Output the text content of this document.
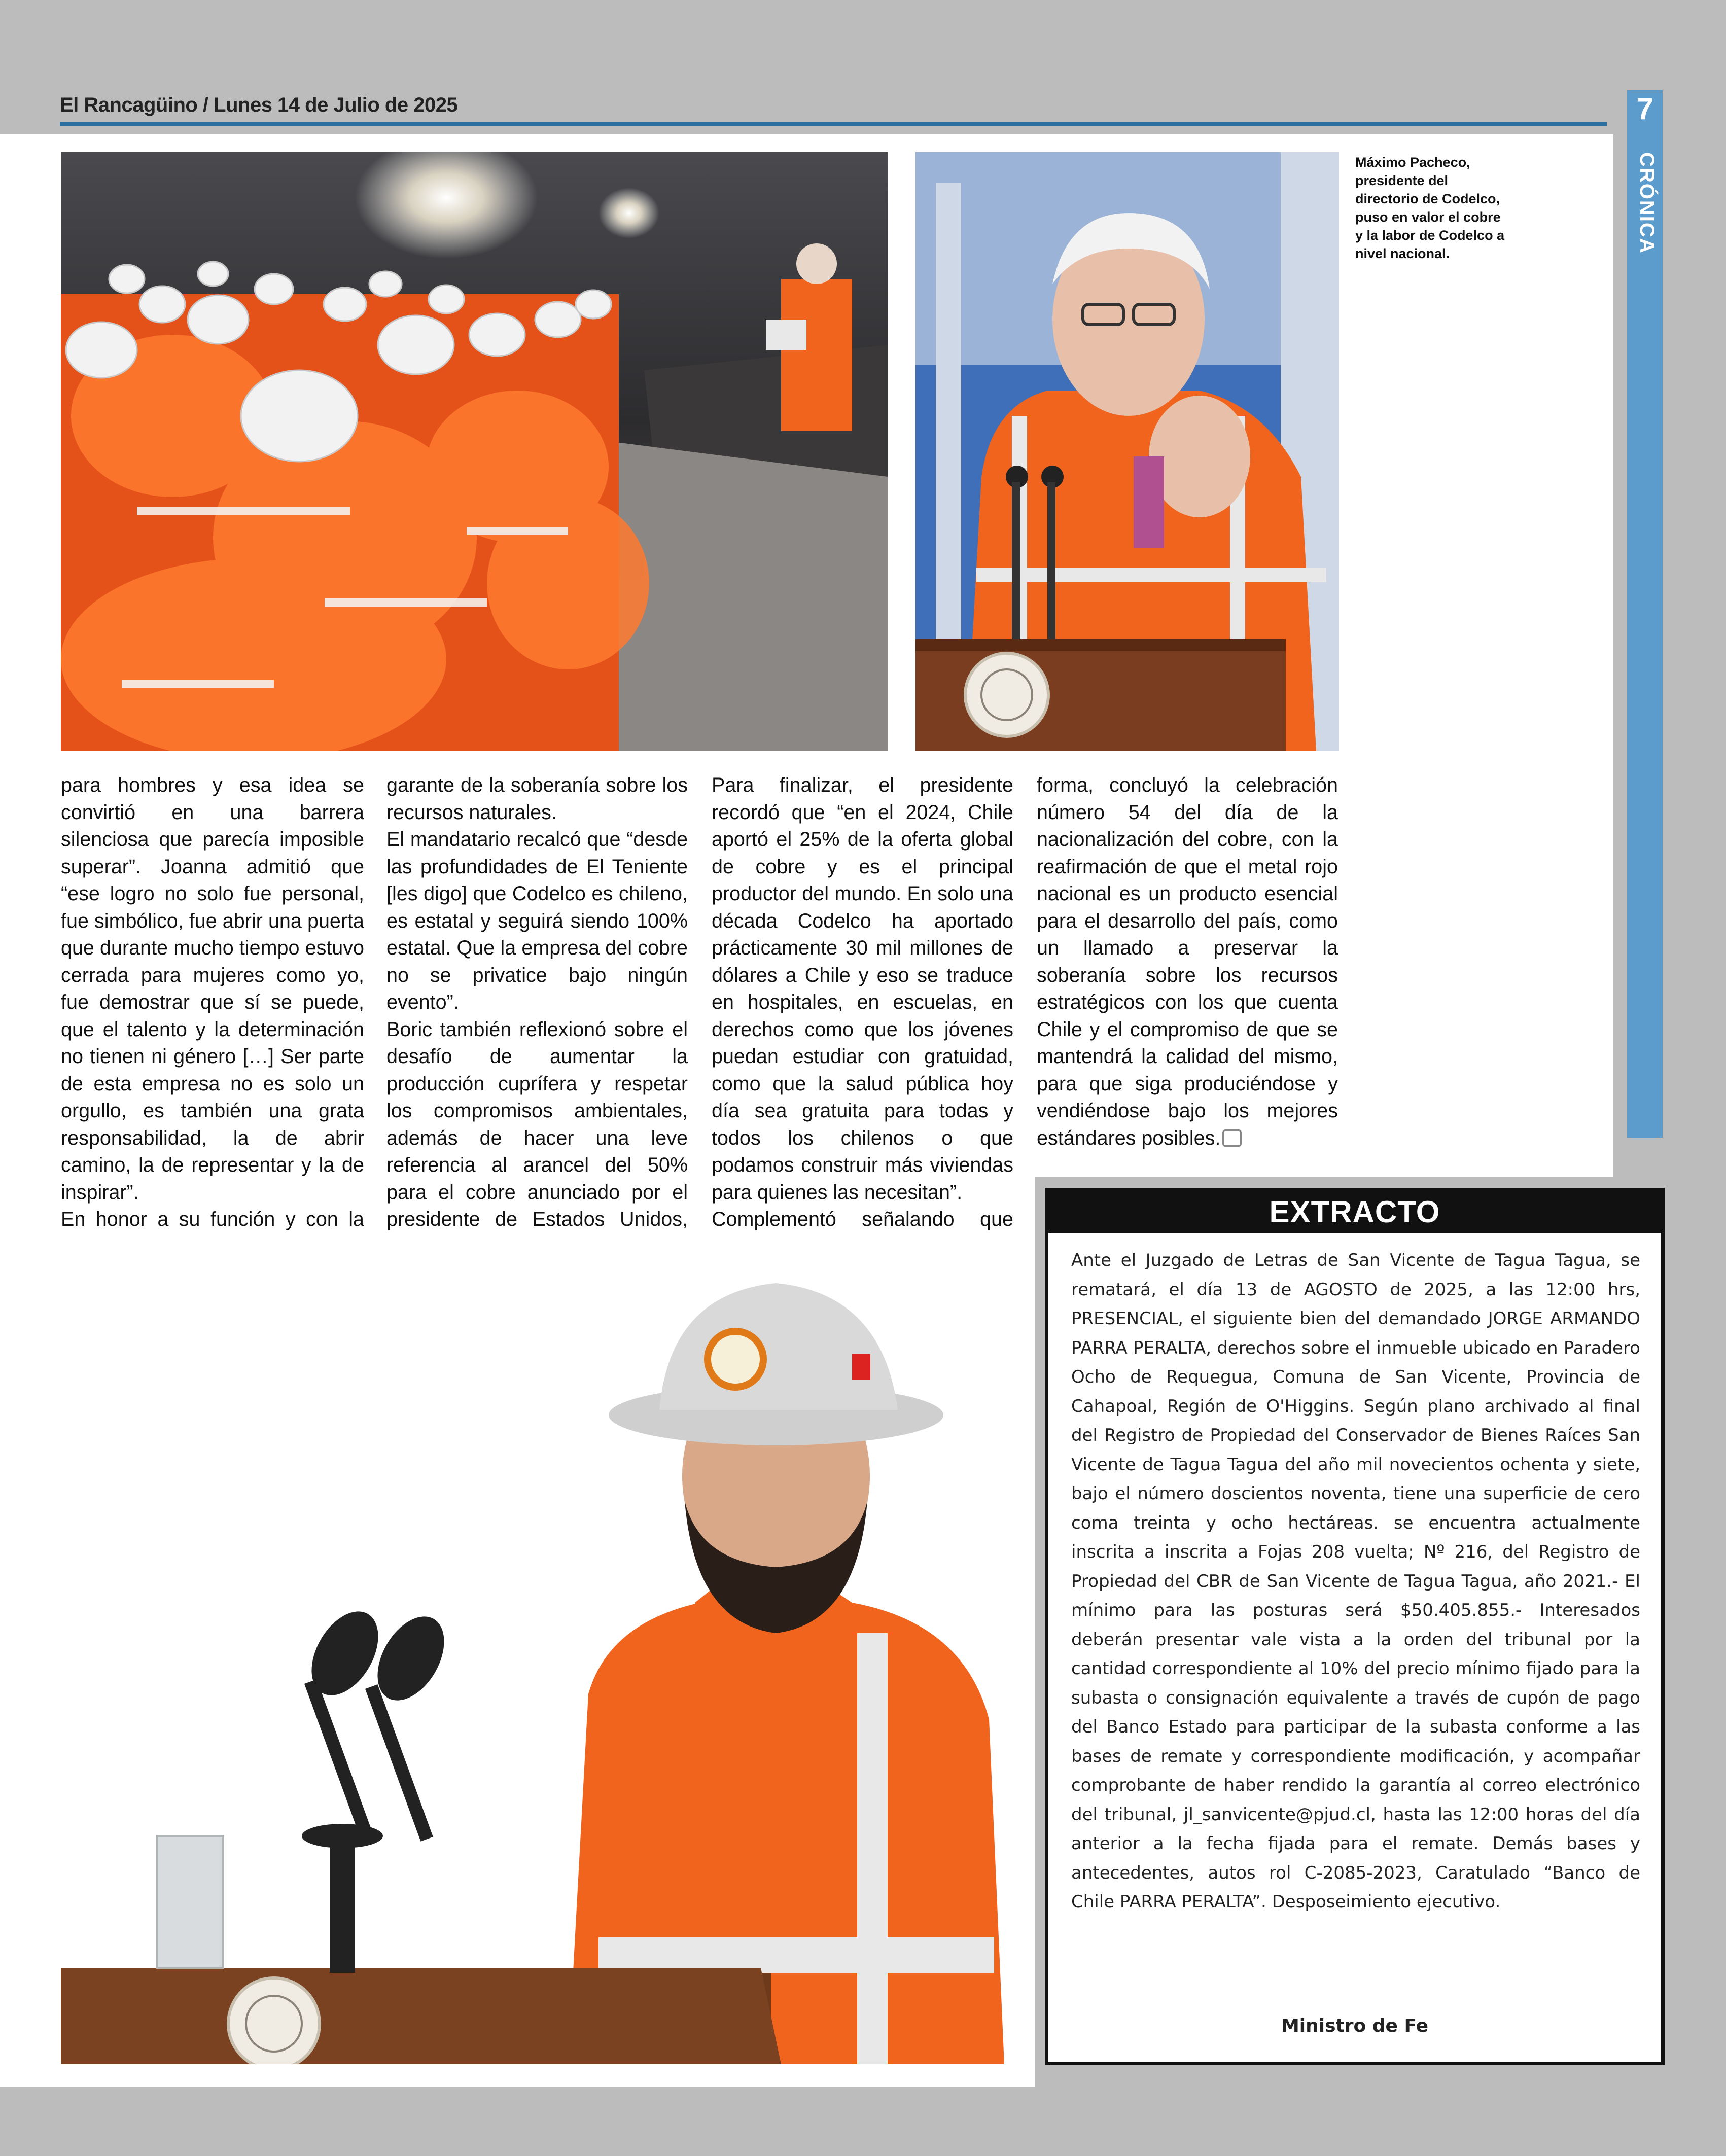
El Rancagüino / Lunes 14 de Julio de 2025	7
CRÓNICA
Máximo Pacheco, presidente del directorio de Codelco, puso en valor el cobre y la labor de Codelco a nivel nacional.

para hombres y esa idea se convirtió en una barrera silenciosa que parecía imposible superar”. Joanna admitió que “ese logro no solo fue personal, fue simbólico, fue abrir una puerta que durante mucho tiempo estuvo cerrada para mujeres como yo, fue demostrar que sí se puede, que el talento y la determinación no tienen ni género […] Ser parte de esta empresa no es solo un orgullo, es también una grata responsabilidad, la de abrir camino, la de representar y la de inspirar”.

En honor a su función y con la

garante de la soberanía sobre los recursos naturales.

El mandatario recalcó que “desde las profundidades de El Teniente [les digo] que Codelco es chileno, es estatal y seguirá siendo 100% estatal. Que la empresa del cobre no se privatice bajo ningún evento”.

Boric también reflexionó sobre el desafío de aumentar la producción cuprífera y respetar los compromisos ambientales, además de hacer una leve referencia al arancel del 50% para el cobre anunciado por el presidente de Estados Unidos,

Para finalizar, el presidente recordó que “en el 2024, Chile aportó el 25% de la oferta global de cobre y es el principal productor del mundo. En solo una década Codelco ha aportado prácticamente 30 mil millones de dólares a Chile y eso se traduce en hospitales, en escuelas, en derechos como que los jóvenes puedan estudiar con gratuidad, como que la salud pública hoy día sea gratuita para todas y todos los chilenos o que podamos construir más viviendas para quienes las necesitan”.

Complementó señalando que

forma, concluyó la celebración número 54 del día de la nacionalización del cobre, con la reafirmación de que el metal rojo nacional es un producto esencial para el desarrollo del país, como un llamado a preservar la soberanía sobre los recursos estratégicos con los que cuenta Chile y el compromiso de que se mantendrá la calidad del mismo, para que siga produciéndose y vendiéndose bajo los mejores estándares posibles.

EXTRACTO
Ante el Juzgado de Letras de San Vicente de Tagua Tagua, se rematará, el día 13 de AGOSTO de 2025, a las 12:00 hrs, PRESENCIAL, el siguiente bien del demandado JORGE ARMANDO PARRA PERALTA, derechos sobre el inmueble ubicado en Paradero Ocho de Requegua, Comuna de San Vicente, Provincia de Cahapoal, Región de O'Higgins. Según plano archivado al final del Registro de Propiedad del Conservador de Bienes Raíces San Vicente de Tagua Tagua del año mil novecientos ochenta y siete, bajo el número doscientos noventa, tiene una superficie de cero coma treinta y ocho hectáreas. se encuentra actualmente inscrita a inscrita a Fojas 208 vuelta; Nº 216, del Registro de Propiedad del CBR de San Vicente de Tagua Tagua, año 2021.- El mínimo para las posturas será $50.405.855.- Interesados deberán presentar vale vista a la orden del tribunal por la cantidad correspondiente al 10% del precio mínimo fijado para la subasta o consignación equivalente a través de cupón de pago del Banco Estado para participar de la subasta conforme a las bases de remate y correspondiente modificación, y acompañar comprobante de haber rendido la garantía al correo electrónico del tribunal, jl_sanvicente@pjud.cl, hasta las 12:00 horas del día anterior a la fecha fijada para el remate. Demás bases y antecedentes, autos rol C-2085-2023, Caratulado “Banco de Chile PARRA PERALTA”. Desposeimiento ejecutivo.
Ministro de Fe
